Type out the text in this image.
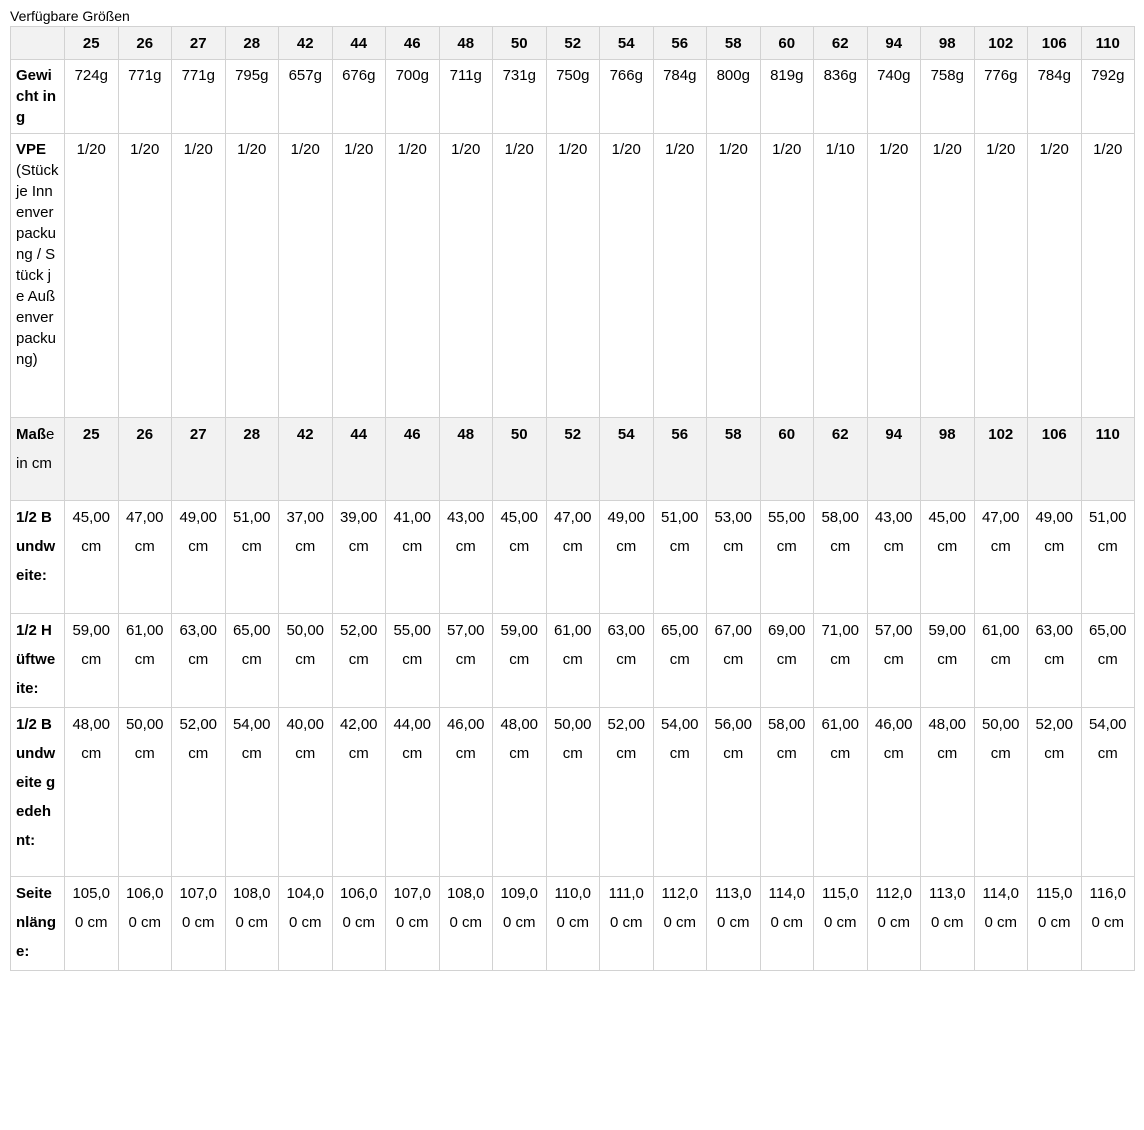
Verfügbare Größen
	25	26	27	28	42	44	46	48	50	52	54	56	58	60	62	94	98	102	106	110
Gewicht in g	724g	771g	771g	795g	657g	676g	700g	711g	731g	750g	766g	784g	800g	819g	836g	740g	758g	776g	784g	792g
VPE (Stück je Innenverpackung / Stück je Außenverpackung)	1/20	1/20	1/20	1/20	1/20	1/20	1/20	1/20	1/20	1/20	1/20	1/20	1/20	1/20	1/10	1/20	1/20	1/20	1/20	1/20
Maße in cm	25	26	27	28	42	44	46	48	50	52	54	56	58	60	62	94	98	102	106	110
1/2 Bundweite:	45,00 cm	47,00 cm	49,00 cm	51,00 cm	37,00 cm	39,00 cm	41,00 cm	43,00 cm	45,00 cm	47,00 cm	49,00 cm	51,00 cm	53,00 cm	55,00 cm	58,00 cm	43,00 cm	45,00 cm	47,00 cm	49,00 cm	51,00 cm
1/2 Hüftweite:	59,00 cm	61,00 cm	63,00 cm	65,00 cm	50,00 cm	52,00 cm	55,00 cm	57,00 cm	59,00 cm	61,00 cm	63,00 cm	65,00 cm	67,00 cm	69,00 cm	71,00 cm	57,00 cm	59,00 cm	61,00 cm	63,00 cm	65,00 cm
1/2 Bundweite gedehnt:	48,00 cm	50,00 cm	52,00 cm	54,00 cm	40,00 cm	42,00 cm	44,00 cm	46,00 cm	48,00 cm	50,00 cm	52,00 cm	54,00 cm	56,00 cm	58,00 cm	61,00 cm	46,00 cm	48,00 cm	50,00 cm	52,00 cm	54,00 cm
Seitenlänge:	105,00 cm	106,00 cm	107,00 cm	108,00 cm	104,00 cm	106,00 cm	107,00 cm	108,00 cm	109,00 cm	110,00 cm	111,00 cm	112,00 cm	113,00 cm	114,00 cm	115,00 cm	112,00 cm	113,00 cm	114,00 cm	115,00 cm	116,00 cm
